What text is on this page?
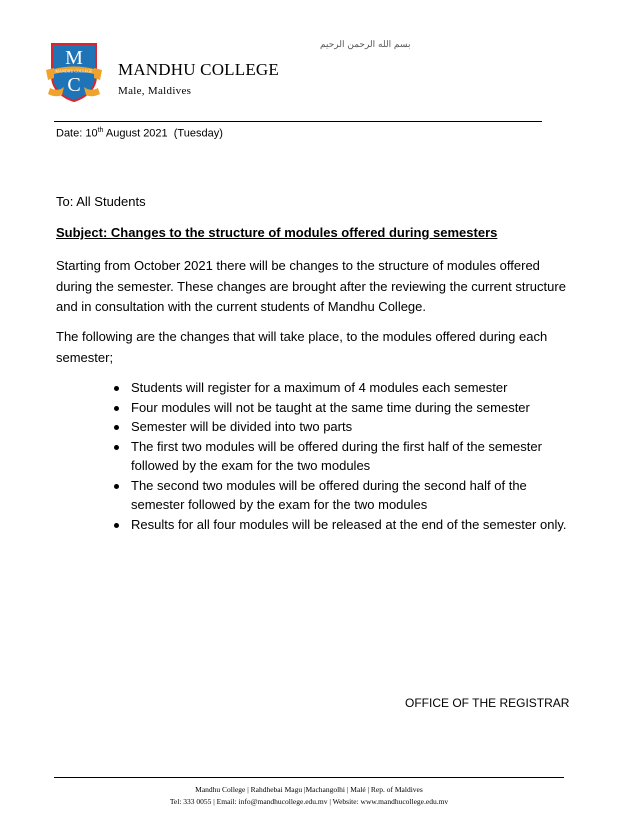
M
C
MANDHU COLLEGE
بسم الله الرحمن الرحيم
MANDHU COLLEGE
Male, Maldives
Date: 10th August 2021  (Tuesday)
To: All Students
Subject: Changes to the structure of modules offered during semesters
Starting from October 2021 there will be changes to the structure of modules offered during the semester. These changes are brought after the reviewing the current structure and in consultation with the current students of Mandhu College.
The following are the changes that will take place, to the modules offered during each semester;
Students will register for a maximum of 4 modules each semester
Four modules will not be taught at the same time during the semester
Semester will be divided into two parts
The first two modules will be offered during the first half of the semester followed by the exam for the two modules
The second two modules will be offered during the second half of the semester followed by the exam for the two modules
Results for all four modules will be released at the end of the semester only.
OFFICE OF THE REGISTRAR
Mandhu College | Rahdhebai Magu |Machangolhi | Malé | Rep. of Maldives
Tel: 333 0055 | Email: info@mandhucollege.edu.mv | Website: www.mandhucollege.edu.mv
